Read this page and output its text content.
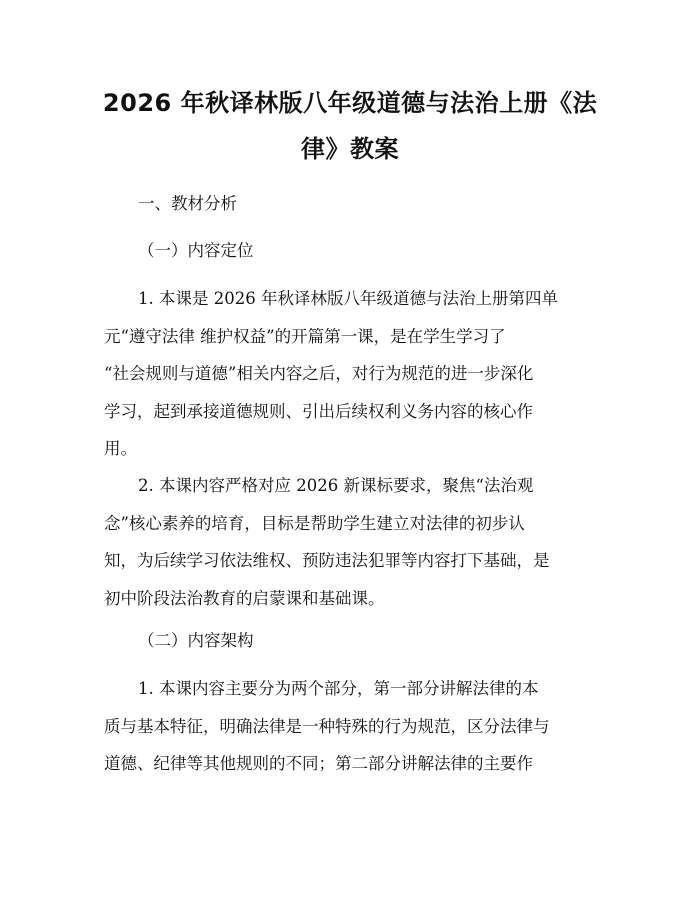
2026 年秋译林版八年级道德与法治上册《法
律》教案
一、教材分析
（一）内容定位
1. 本课是 2026 年秋译林版八年级道德与法治上册第四单
元“遵守法律 维护权益”的开篇第一课，是在学生学习了
“社会规则与道德”相关内容之后，对行为规范的进一步深化
学习，起到承接道德规则、引出后续权利义务内容的核心作
用。
2. 本课内容严格对应 2026 新课标要求，聚焦“法治观
念”核心素养的培育，目标是帮助学生建立对法律的初步认
知，为后续学习依法维权、预防违法犯罪等内容打下基础，是
初中阶段法治教育的启蒙课和基础课。
（二）内容架构
1. 本课内容主要分为两个部分，第一部分讲解法律的本
质与基本特征，明确法律是一种特殊的行为规范，区分法律与
道德、纪律等其他规则的不同；第二部分讲解法律的主要作
